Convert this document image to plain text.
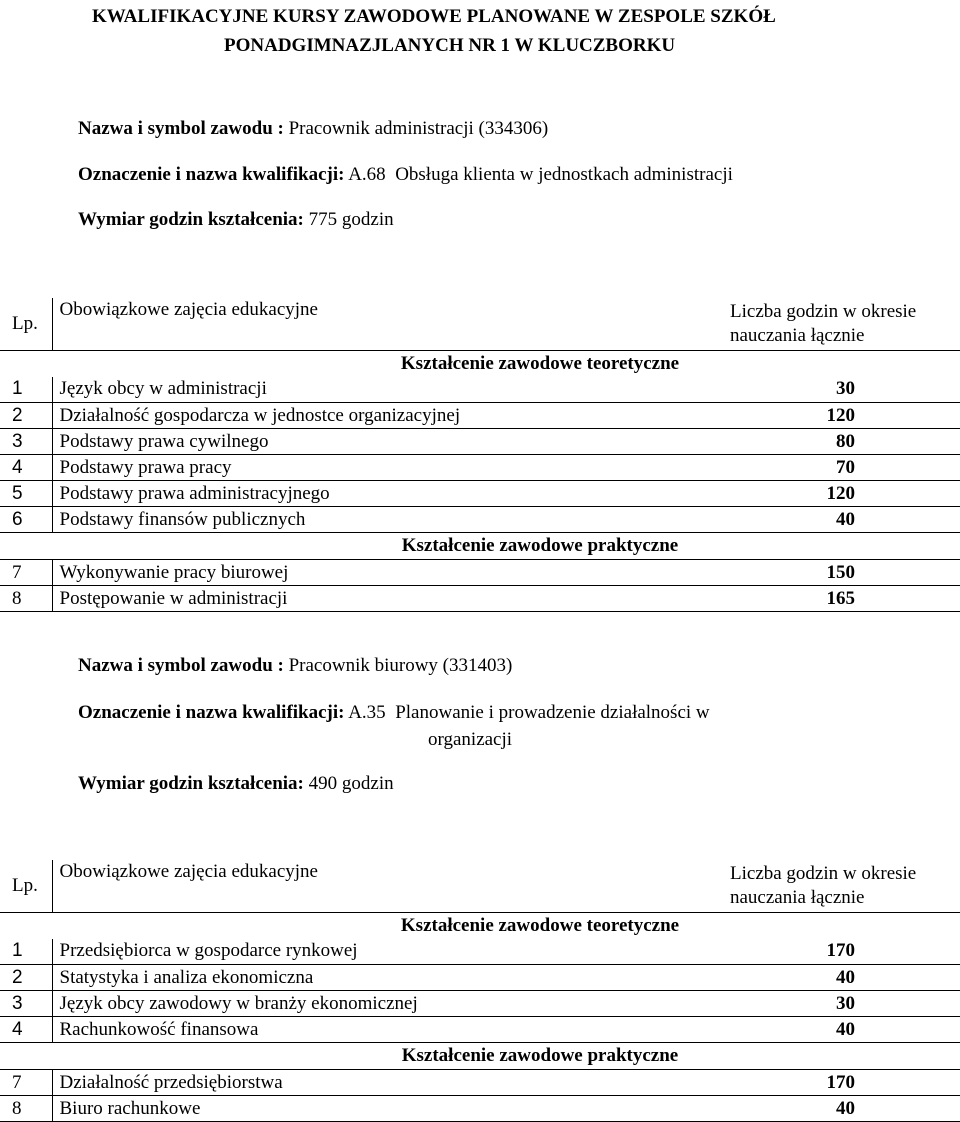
KWALIFIKACYJNE KURSY ZAWODOWE PLANOWANE W ZESPOLE SZKÓŁ
PONADGIMNAZJLANYCH NR 1 W KLUCZBORKU
Nazwa i symbol zawodu : Pracownik administracji (334306)
Oznaczenie i nazwa kwalifikacji: A.68 Obsługa klienta w jednostkach administracji
Wymiar godzin kształcenia: 775 godzin
Lp.	Obowiązkowe zajęcia edukacyjne	Liczba godzin w okresie
nauczania łącznie

Kształcenie zawodowe teoretyczne		
1	Język obcy w administracji	30
2	Działalność gospodarcza w jednostce organizacyjnej	120
3	Podstawy prawa cywilnego	80
4	Podstawy prawa pracy	70
5	Podstawy prawa administracyjnego	120
6	Podstawy finansów publicznych	40
Kształcenie zawodowe praktyczne		
7	Wykonywanie pracy biurowej	150
8	Postępowanie w administracji	165
Nazwa i symbol zawodu : Pracownik biurowy (331403)
Oznaczenie i nazwa kwalifikacji: A.35 Planowanie i prowadzenie działalności w
organizacji
Wymiar godzin kształcenia: 490 godzin
Lp.	Obowiązkowe zajęcia edukacyjne	Liczba godzin w okresie
nauczania łącznie

Kształcenie zawodowe teoretyczne		
1	Przedsiębiorca w gospodarce rynkowej	170
2	Statystyka i analiza ekonomiczna	40
3	Język obcy zawodowy w branży ekonomicznej	30
4	Rachunkowość finansowa	40
Kształcenie zawodowe praktyczne		
7	Działalność przedsiębiorstwa	170
8	Biuro rachunkowe	40
